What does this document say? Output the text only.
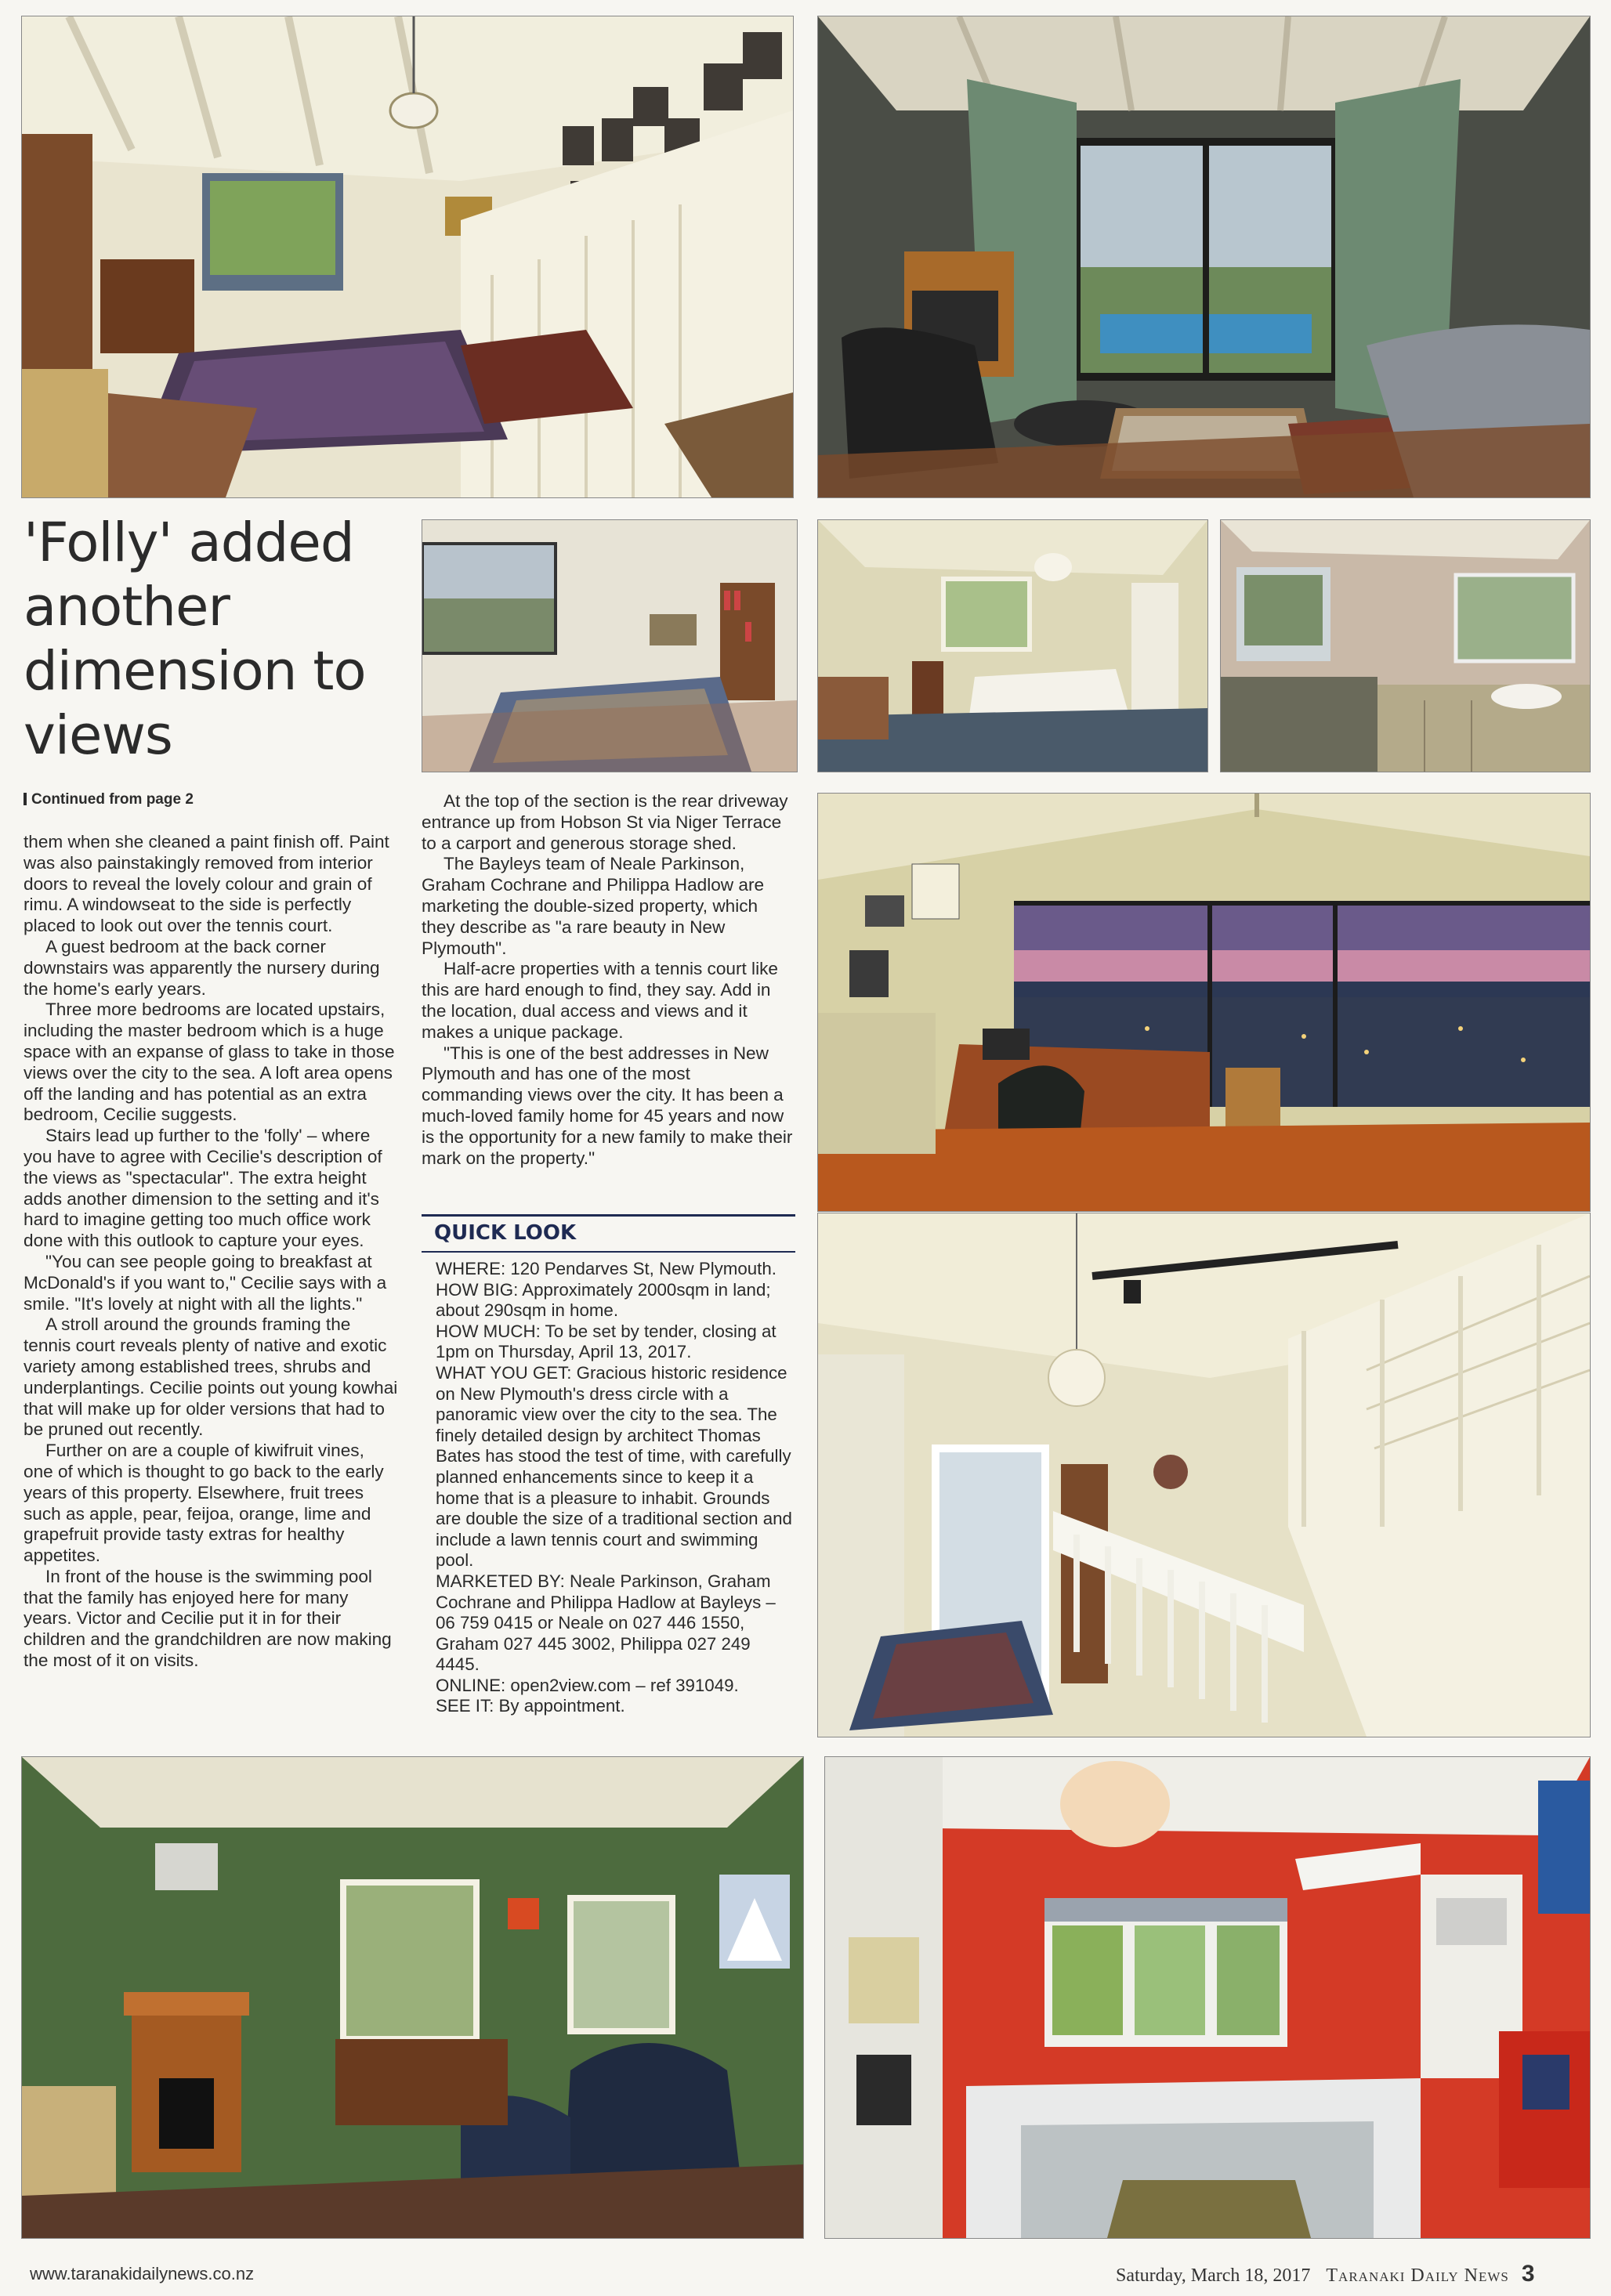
'Folly' added another dimension to views
Continued from page 2

them when she cleaned a paint finish off. Paint was also painstakingly removed from interior doors to reveal the lovely colour and grain of rimu. A windowseat to the side is perfectly placed to look out over the tennis court.

A guest bedroom at the back corner downstairs was apparently the nursery during the home's early years.

Three more bedrooms are located upstairs, including the master bedroom which is a huge space with an expanse of glass to take in those views over the city to the sea. A loft area opens off the landing and has potential as an extra bedroom, Cecilie suggests.

Stairs lead up further to the 'folly' – where you have to agree with Cecilie's description of the views as "spectacular". The extra height adds another dimension to the setting and it's hard to imagine getting too much office work done with this outlook to capture your eyes.

"You can see people going to breakfast at McDonald's if you want to," Cecilie says with a smile. "It's lovely at night with all the lights."

A stroll around the grounds framing the tennis court reveals plenty of native and exotic variety among established trees, shrubs and underplantings. Cecilie points out young kowhai that will make up for older versions that had to be pruned out recently.

Further on are a couple of kiwifruit vines, one of which is thought to go back to the early years of this property. Elsewhere, fruit trees such as apple, pear, feijoa, orange, lime and grapefruit provide tasty extras for healthy appetites.

In front of the house is the swimming pool that the family has enjoyed here for many years. Victor and Cecilie put it in for their children and the grandchildren are now making the most of it on visits.

At the top of the section is the rear driveway entrance up from Hobson St via Niger Terrace to a carport and generous storage shed.

The Bayleys team of Neale Parkinson, Graham Cochrane and Philippa Hadlow are marketing the double-sized property, which they describe as "a rare beauty in New Plymouth".

Half-acre properties with a tennis court like this are hard enough to find, they say. Add in the location, dual access and views and it makes a unique package.

"This is one of the best addresses in New Plymouth and has one of the most commanding views over the city. It has been a much-loved family home for 45 years and now is the opportunity for a new family to make their mark on the property."

QUICK LOOK

WHERE: 120 Pendarves St, New Plymouth.

HOW BIG: Approximately 2000sqm in land; about 290sqm in home.

HOW MUCH: To be set by tender, closing at 1pm on Thursday, April 13, 2017.

WHAT YOU GET: Gracious historic residence on New Plymouth's dress circle with a panoramic view over the city to the sea. The finely detailed design by architect Thomas Bates has stood the test of time, with carefully planned enhancements since to keep it a home that is a pleasure to inhabit. Grounds are double the size of a traditional section and include a lawn tennis court and swimming pool.

MARKETED BY: Neale Parkinson, Graham Cochrane and Philippa Hadlow at Bayleys – 06 759 0415 or Neale on 027 446 1550, Graham 027 445 3002, Philippa 027 249 4445.

ONLINE: open2view.com – ref 391049.

SEE IT: By appointment.

www.taranakidailynews.co.nz	Saturday, March 18, 2017 Taranaki Daily News 3
